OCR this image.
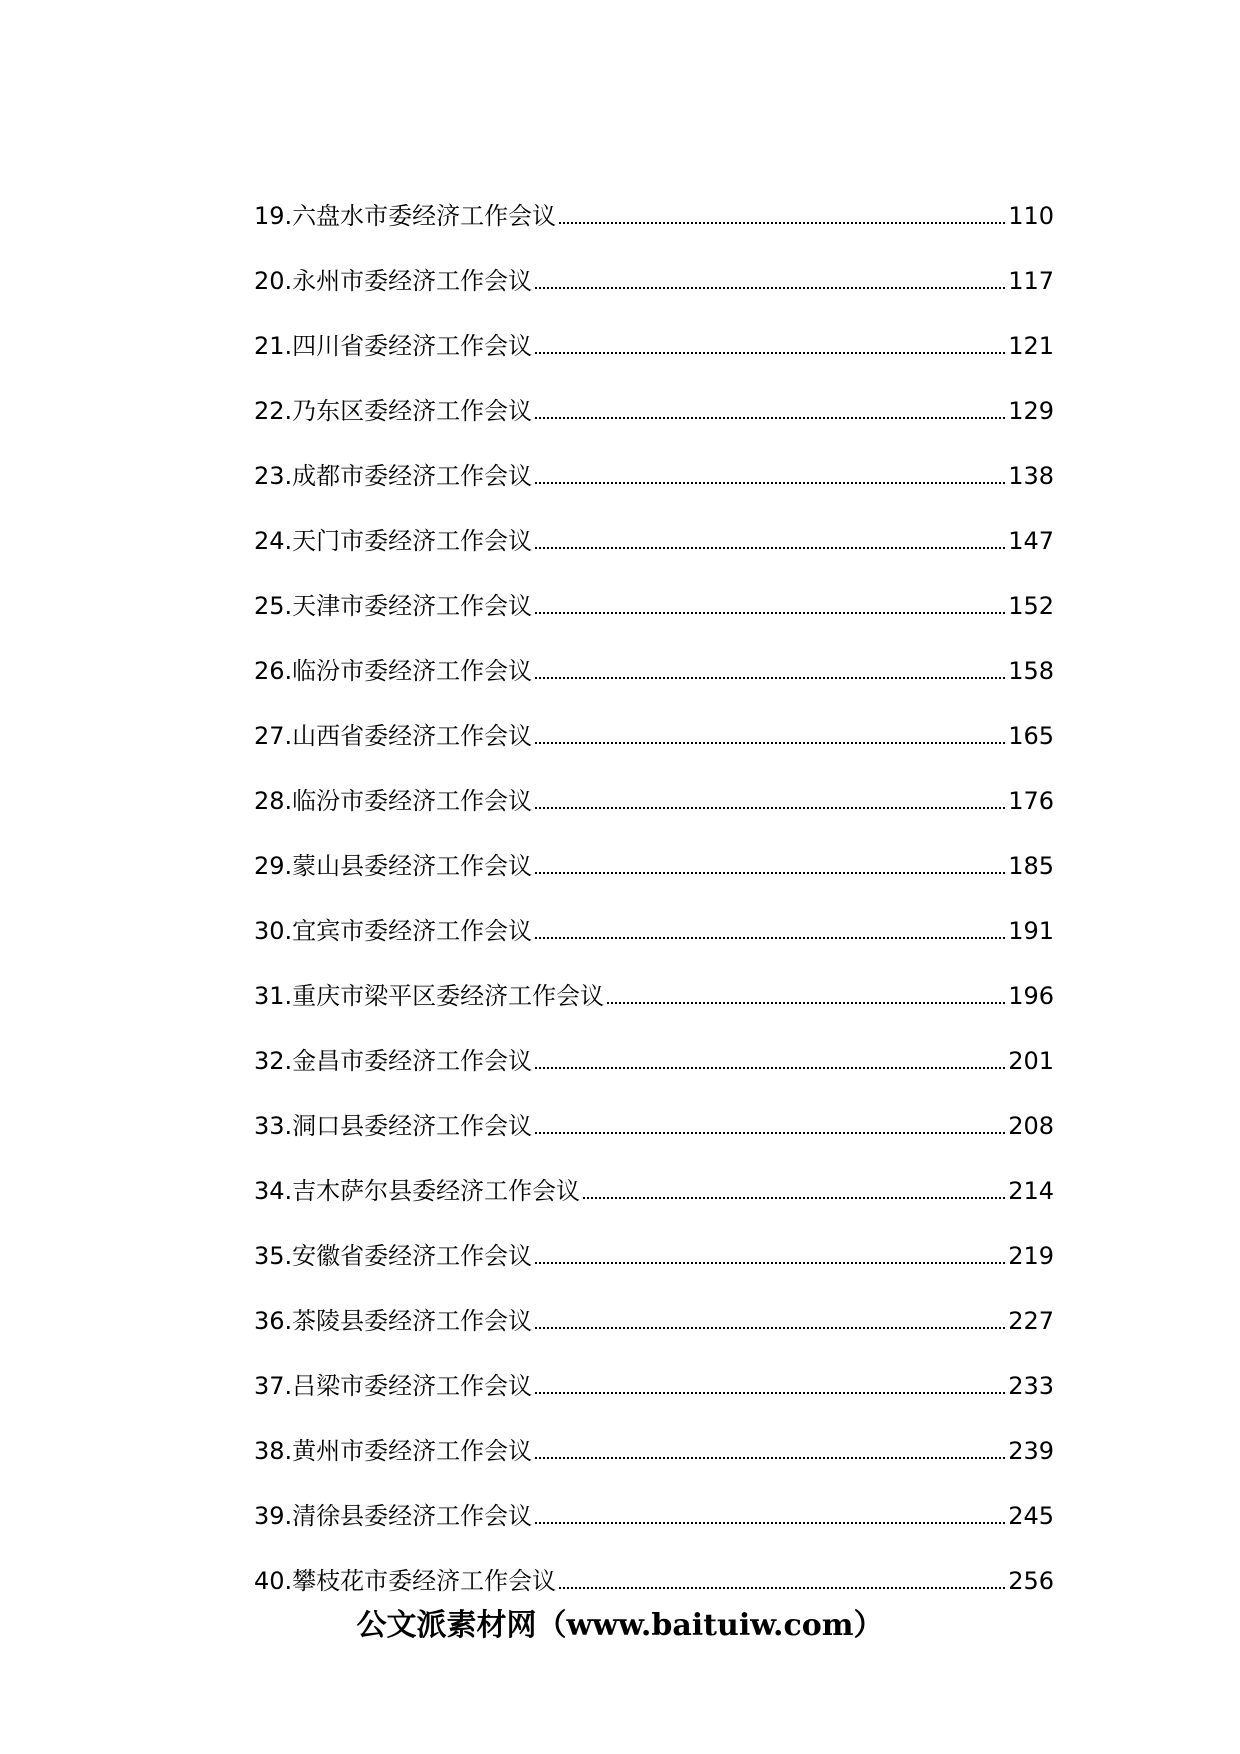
19.六盘水市委经济工作会议	110
20.永州市委经济工作会议	117
21.四川省委经济工作会议	121
22.乃东区委经济工作会议	129
23.成都市委经济工作会议	138
24.天门市委经济工作会议	147
25.天津市委经济工作会议	152
26.临汾市委经济工作会议	158
27.山西省委经济工作会议	165
28.临汾市委经济工作会议	176
29.蒙山县委经济工作会议	185
30.宜宾市委经济工作会议	191
31.重庆市梁平区委经济工作会议	196
32.金昌市委经济工作会议	201
33.洞口县委经济工作会议	208
34.吉木萨尔县委经济工作会议	214
35.安徽省委经济工作会议	219
36.茶陵县委经济工作会议	227
37.吕梁市委经济工作会议	233
38.黄州市委经济工作会议	239
39.清徐县委经济工作会议	245
40.攀枝花市委经济工作会议	256
公文派素材网（www.baituiw.com）
